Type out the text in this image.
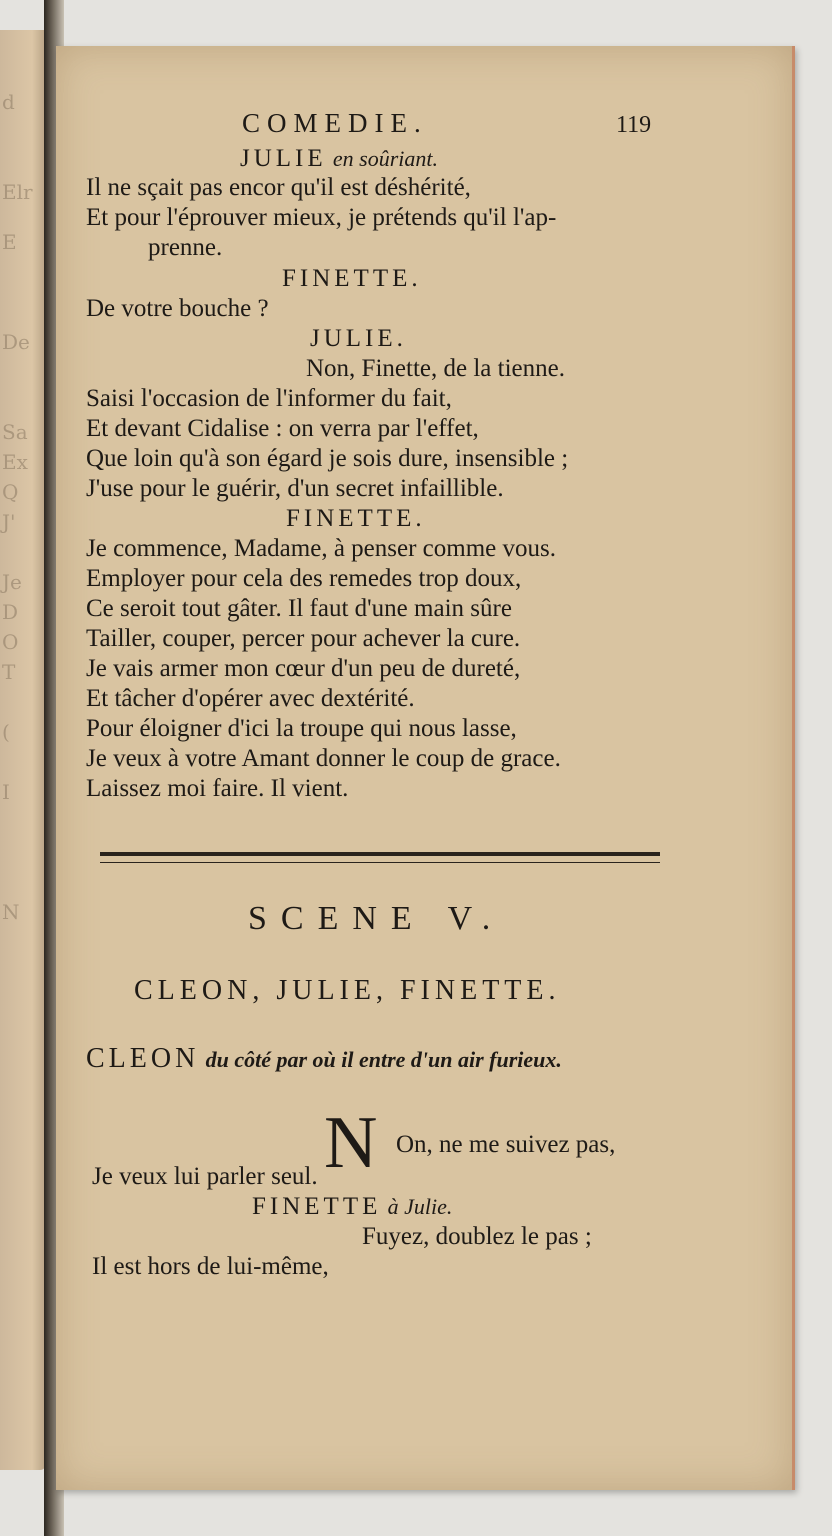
d
Elr
E
De
Sa
Ex
Q
J'
Je
D
O
T
(
I
N
COMEDIE.	119
JULIE en soûriant.
Il ne sçait pas encor qu'il est déshérité,
Et pour l'éprouver mieux, je prétends qu'il l'ap-
prenne.
FINETTE.
De votre bouche ?
JULIE.
Non, Finette, de la tienne.
Saisi l'occasion de l'informer du fait,
Et devant Cidalise : on verra par l'effet,
Que loin qu'à son égard je sois dure, insensible ;
J'use pour le guérir, d'un secret infaillible.
FINETTE.
Je commence, Madame, à penser comme vous.
Employer pour cela des remedes trop doux,
Ce seroit tout gâter. Il faut d'une main sûre
Tailler, couper, percer pour achever la cure.
Je vais armer mon cœur d'un peu de dureté,
Et tâcher d'opérer avec dextérité.
Pour éloigner d'ici la troupe qui nous lasse,
Je veux à votre Amant donner le coup de grace.
Laissez moi faire. Il vient.
SCENE V.
CLEON, JULIE, FINETTE.
CLEON du côté par où il entre d'un air furieux.
N On, ne me suivez pas,
Je veux lui parler seul.
FINETTE à Julie.
Fuyez, doublez le pas ;
Il est hors de lui-même,
